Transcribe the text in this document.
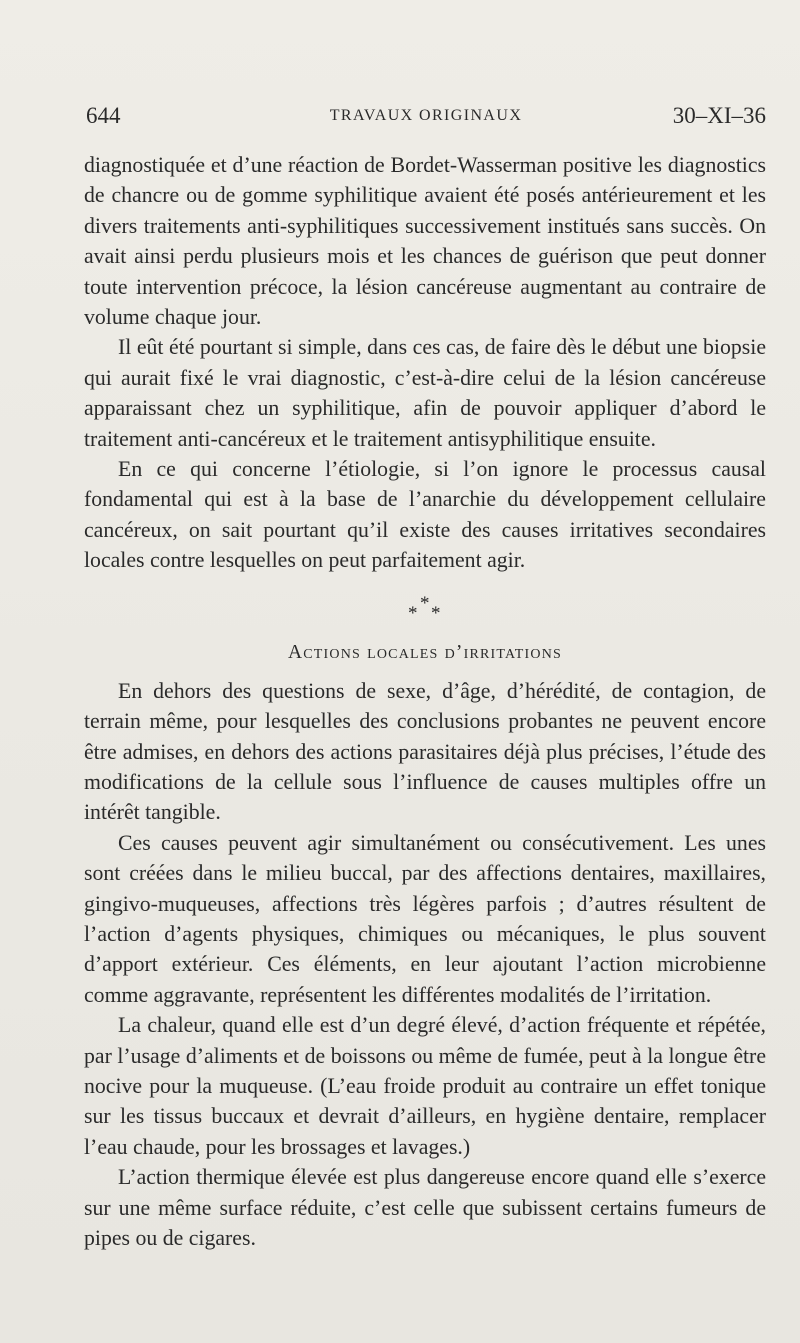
644	TRAVAUX ORIGINAUX	30–XI–36

diagnostiquée et d’une réaction de Bordet-Wasserman positive les diagnostics de chancre ou de gomme syphilitique avaient été posés antérieurement et les divers traitements anti-syphilitiques successivement institués sans succès. On avait ainsi perdu plusieurs mois et les chances de guérison que peut donner toute intervention précoce, la lésion cancéreuse augmentant au contraire de volume chaque jour.

Il eût été pourtant si simple, dans ces cas, de faire dès le début une biopsie qui aurait fixé le vrai diagnostic, c’est-à-dire celui de la lésion cancéreuse apparaissant chez un syphilitique, afin de pouvoir appliquer d’abord le traitement anti-cancéreux et le traitement antisyphilitique ensuite.

En ce qui concerne l’étiologie, si l’on ignore le processus causal fondamental qui est à la base de l’anarchie du développement cellulaire cancéreux, on sait pourtant qu’il existe des causes irritatives secondaires locales contre lesquelles on peut parfaitement agir.

*
* *
Actions locales d’irritations

En dehors des questions de sexe, d’âge, d’hérédité, de contagion, de terrain même, pour lesquelles des conclusions probantes ne peuvent encore être admises, en dehors des actions parasitaires déjà plus précises, l’étude des modifications de la cellule sous l’influence de causes multiples offre un intérêt tangible.

Ces causes peuvent agir simultanément ou consécutivement. Les unes sont créées dans le milieu buccal, par des affections dentaires, maxillaires, gingivo-muqueuses, affections très légères parfois ; d’autres résultent de l’action d’agents physiques, chimiques ou mécaniques, le plus souvent d’apport extérieur. Ces éléments, en leur ajoutant l’action microbienne comme aggravante, représentent les différentes modalités de l’irritation.

La chaleur, quand elle est d’un degré élevé, d’action fréquente et répétée, par l’usage d’aliments et de boissons ou même de fumée, peut à la longue être nocive pour la muqueuse. (L’eau froide produit au contraire un effet tonique sur les tissus buccaux et devrait d’ailleurs, en hygiène dentaire, remplacer l’eau chaude, pour les brossages et lavages.)

L’action thermique élevée est plus dangereuse encore quand elle s’exerce sur une même surface réduite, c’est celle que subissent certains fumeurs de pipes ou de cigares.
